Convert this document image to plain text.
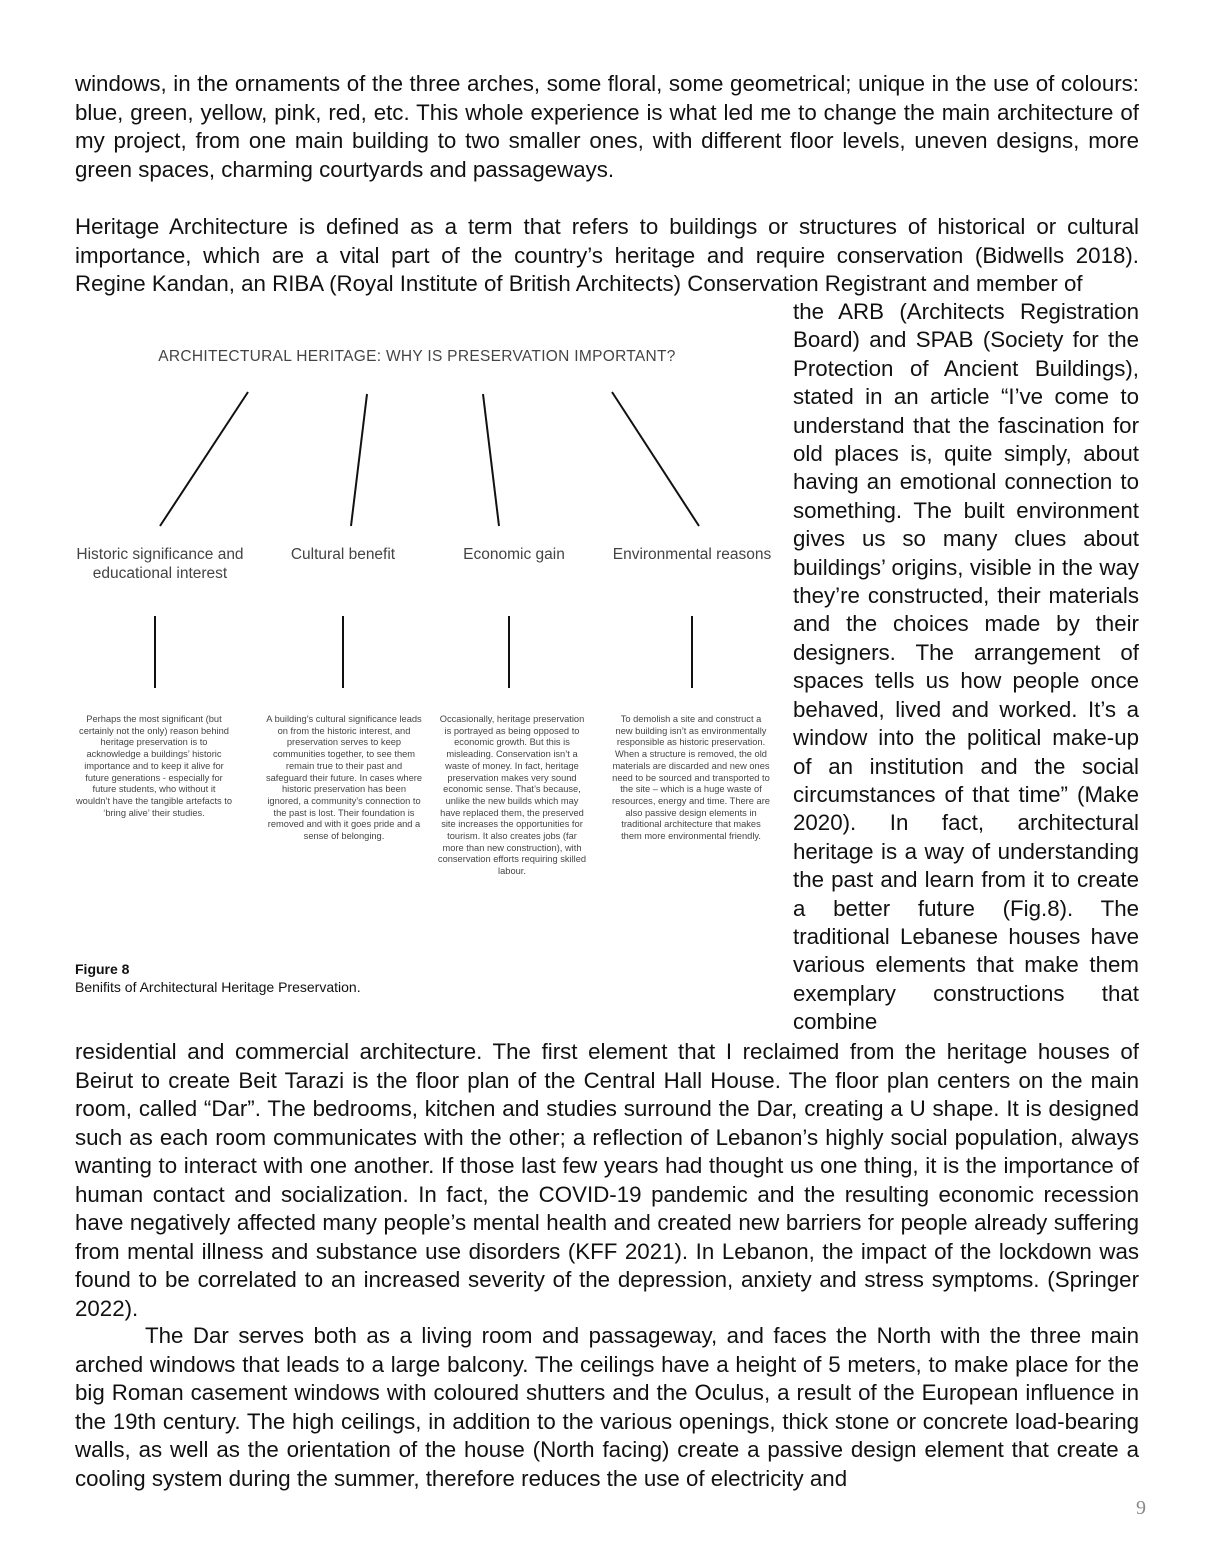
windows, in the ornaments of the three arches, some floral, some geometrical; unique in the use of colours: blue, green, yellow, pink, red, etc. This whole experience is what led me to change the main architecture of my project, from one main building to two smaller ones, with different floor levels, uneven designs, more green spaces, charming courtyards and passageways.

Heritage Architecture is defined as a term that refers to buildings or structures of historical or cultural importance, which are a vital part of the country’s heritage and require conservation (Bidwells 2018). Regine Kandan, an RIBA (Royal Institute of British Architects) Conservation Registrant and member of

the ARB (Architects Registration Board) and SPAB (Society for the Protection of Ancient Buildings), stated in an article “I’ve come to understand that the fascination for old places is, quite simply, about having an emotional connection to something. The built environment gives us so many clues about buildings’ origins, visible in the way they’re constructed, their materials and the choices made by their designers. The arrangement of spaces tells us how people once behaved, lived and worked. It’s a window into the political make-up of an institution and the social circumstances of that time” (Make 2020). In fact, architectural heritage is a way of understanding the past and learn from it to create a better future (Fig.8). The traditional Lebanese houses have various elements that make them exemplary constructions that combine

ARCHITECTURAL HERITAGE: WHY IS PRESERVATION IMPORTANT?

Historic significance and educational interest

Cultural benefit	Economic gain	Environmental reasons

Perhaps the most significant (but certainly not the only) reason behind heritage preservation is to acknowledge a buildings’ historic importance and to keep it alive for future generations - especially for future students, who without it wouldn’t have the tangible artefacts to ‘bring alive’ their studies.

A building’s cultural significance leads on from the historic interest, and preservation serves to keep communities together, to see them remain true to their past and safeguard their future. In cases where historic preservation has been ignored, a community’s connection to the past is lost. Their foundation is removed and with it goes pride and a sense of belonging.

Occasionally, heritage preservation is portrayed as being opposed to economic growth. But this is misleading. Conservation isn’t a waste of money. In fact, heritage preservation makes very sound economic sense. That’s because, unlike the new builds which may have replaced them, the preserved site increases the opportunities for tourism. It also creates jobs (far more than new construction), with conservation efforts requiring skilled labour.

To demolish a site and construct a new building isn’t as environmentally responsible as historic preservation. When a structure is removed, the old materials are discarded and new ones need to be sourced and transported to the site – which is a huge waste of resources, energy and time. There are also passive design elements in traditional architecture that makes them more environmental friendly.

Figure 8
Benifits of Architectural Heritage Preservation.

residential and commercial architecture. The first element that I reclaimed from the heritage houses of Beirut to create Beit Tarazi is the floor plan of the Central Hall House. The floor plan centers on the main room, called “Dar”. The bedrooms, kitchen and studies surround the Dar, creating a U shape. It is designed such as each room communicates with the other; a reflection of Lebanon’s highly social population, always wanting to interact with one another. If those last few years had thought us one thing, it is the importance of human contact and socialization. In fact, the COVID-19 pandemic and the resulting economic recession have negatively affected many people’s mental health and created new barriers for people already suffering from mental illness and substance use disorders (KFF 2021). In Lebanon, the impact of the lockdown was found to be correlated to an increased severity of the depression, anxiety and stress symptoms. (Springer 2022).

The Dar serves both as a living room and passageway, and faces the North with the three main arched windows that leads to a large balcony. The ceilings have a height of 5 meters, to make place for the big Roman casement windows with coloured shutters and the Oculus, a result of the European influence in the 19th century. The high ceilings, in addition to the various openings, thick stone or concrete load-bearing walls, as well as the orientation of the house (North facing) create a passive design element that create a cooling system during the summer, therefore reduces the use of electricity and

9
